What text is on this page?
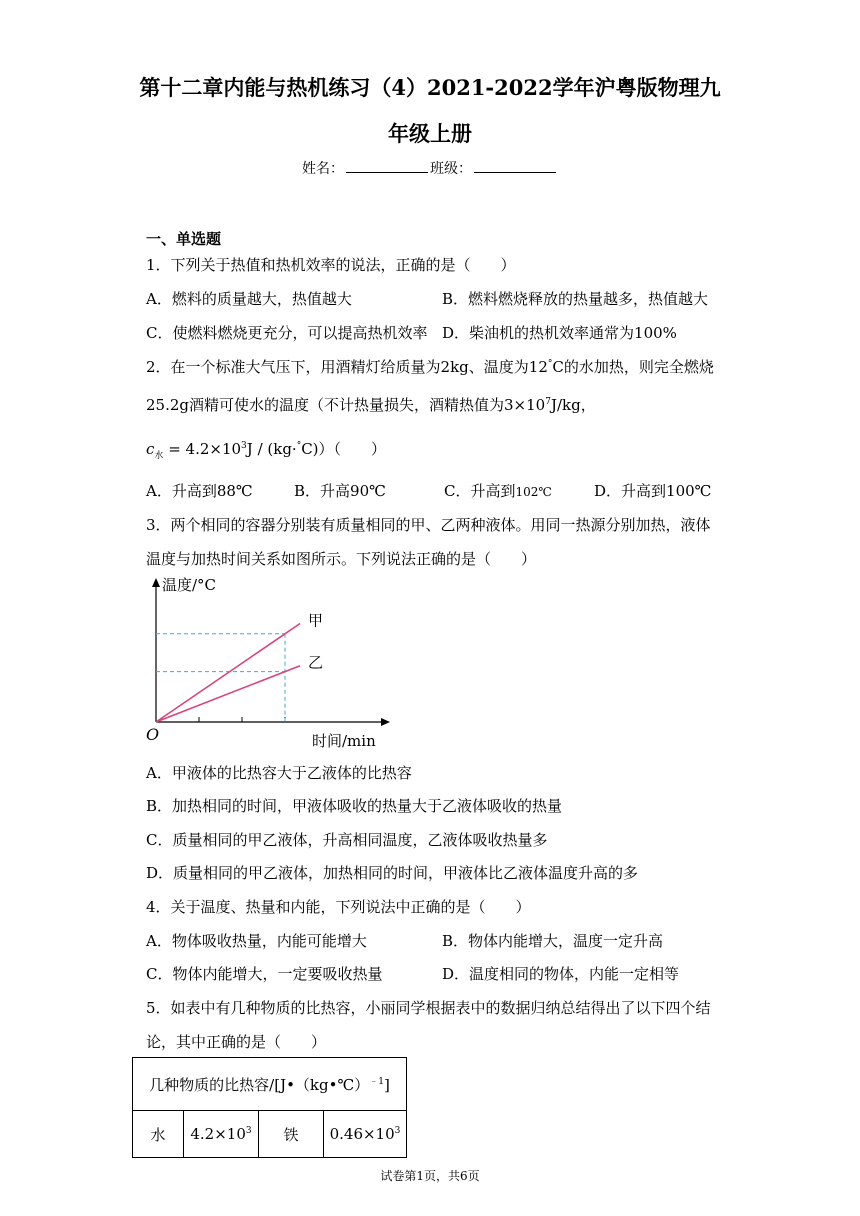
第十二章内能与热机练习（4）2021-2022学年沪粤版物理九
年级上册
姓名：	班级：
一、单选题
1．下列关于热值和热机效率的说法，正确的是（　　）
A．燃料的质量越大，热值越大	B．燃料燃烧释放的热量越多，热值越大
C．使燃料燃烧更充分，可以提高热机效率 D．柴油机的热机效率通常为100%
2．在一个标准大气压下，用酒精灯给质量为2kg、温度为12°C的水加热，则完全燃烧
25.2g酒精可使水的温度（不计热量损失，酒精热值为$3\times 10^7J/kg$，
$c_水 = 4.2\times 10^3J / (kg\cdot^\circ C)$）（　　）
A．升高到88℃	B．升高90℃	C．升高到102℃	D．升高到100℃
3．两个相同的容器分别装有质量相同的甲、乙两种液体。用同一热源分别加热，液体
温度与加热时间关系如图所示。下列说法正确的是（　　）
甲
乙
温度/°C
时间/min
O
A．甲液体的比热容大于乙液体的比热容
B．加热相同的时间，甲液体吸收的热量大于乙液体吸收的热量
C．质量相同的甲乙液体，升高相同温度，乙液体吸收热量多
D．质量相同的甲乙液体，加热相同的时间，甲液体比乙液体温度升高的多
4．关于温度、热量和内能，下列说法中正确的是（　　）
A．物体吸收热量，内能可能增大	B．物体内能增大，温度一定升高
C．物体内能增大，一定要吸收热量	D．温度相同的物体，内能一定相等
5．如表中有几种物质的比热容，小丽同学根据表中的数据归纳总结得出了以下四个结
论，其中正确的是（　　）
几种物质的比热容/[J•（kg•℃）$^{﹣1}$]
水	$4.2\times 10^3$	铁	$0.46\times 10^3$
试卷第1页，共6页
